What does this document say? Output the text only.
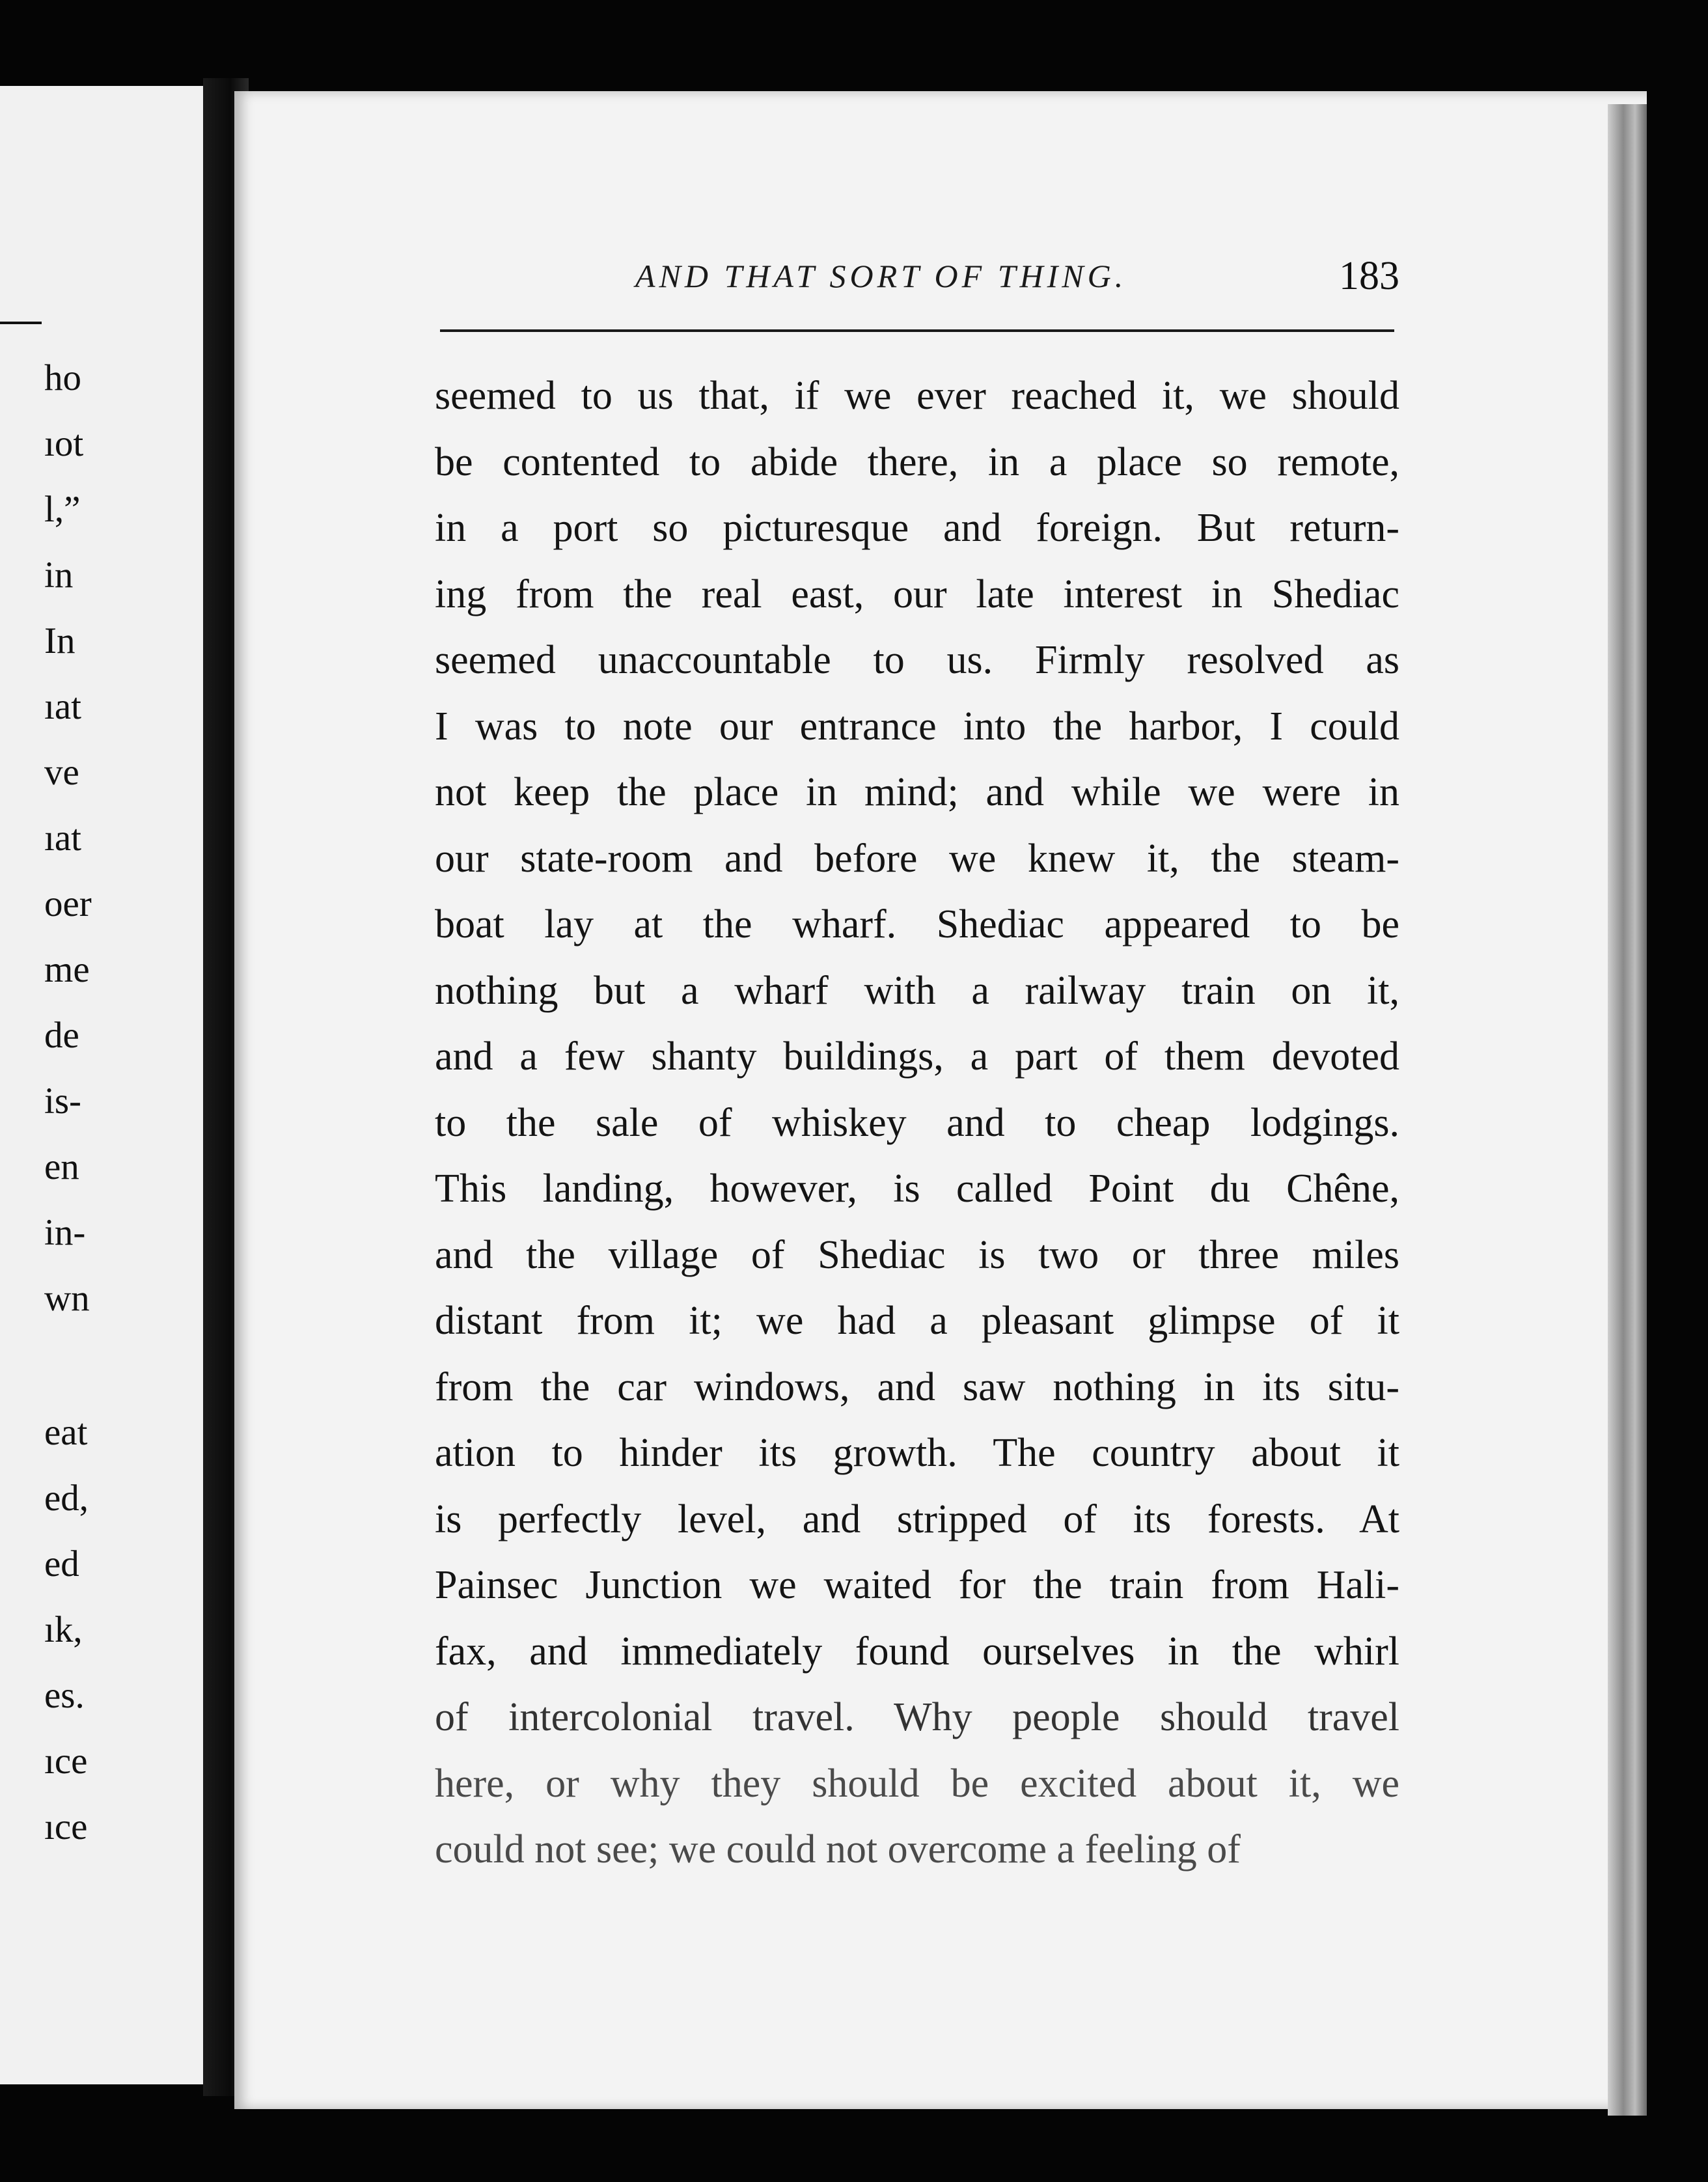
ho
ıot
l,”
in
In
ıat
ve
ıat
oer
me
de
is-
en
in-
wn
eat
ed,
ed
ık,
es.
ıce
ıce
AND THAT SORT OF THING.	183
seemed to us that, if we ever reached it, we should
be contented to abide there, in a place so remote,
in a port so picturesque and foreign. But return-
ing from the real east, our late interest in Shediac
seemed unaccountable to us. Firmly resolved as
I was to note our entrance into the harbor, I could
not keep the place in mind; and while we were in
our state-room and before we knew it, the steam-
boat lay at the wharf. Shediac appeared to be
nothing but a wharf with a railway train on it,
and a few shanty buildings, a part of them devoted
to the sale of whiskey and to cheap lodgings.
This landing, however, is called Point du Chêne,
and the village of Shediac is two or three miles
distant from it; we had a pleasant glimpse of it
from the car windows, and saw nothing in its situ-
ation to hinder its growth. The country about it
is perfectly level, and stripped of its forests. At
Painsec Junction we waited for the train from Hali-
fax, and immediately found ourselves in the whirl
of intercolonial travel. Why people should travel
here, or why they should be excited about it, we
could not see; we could not overcome a feeling of
